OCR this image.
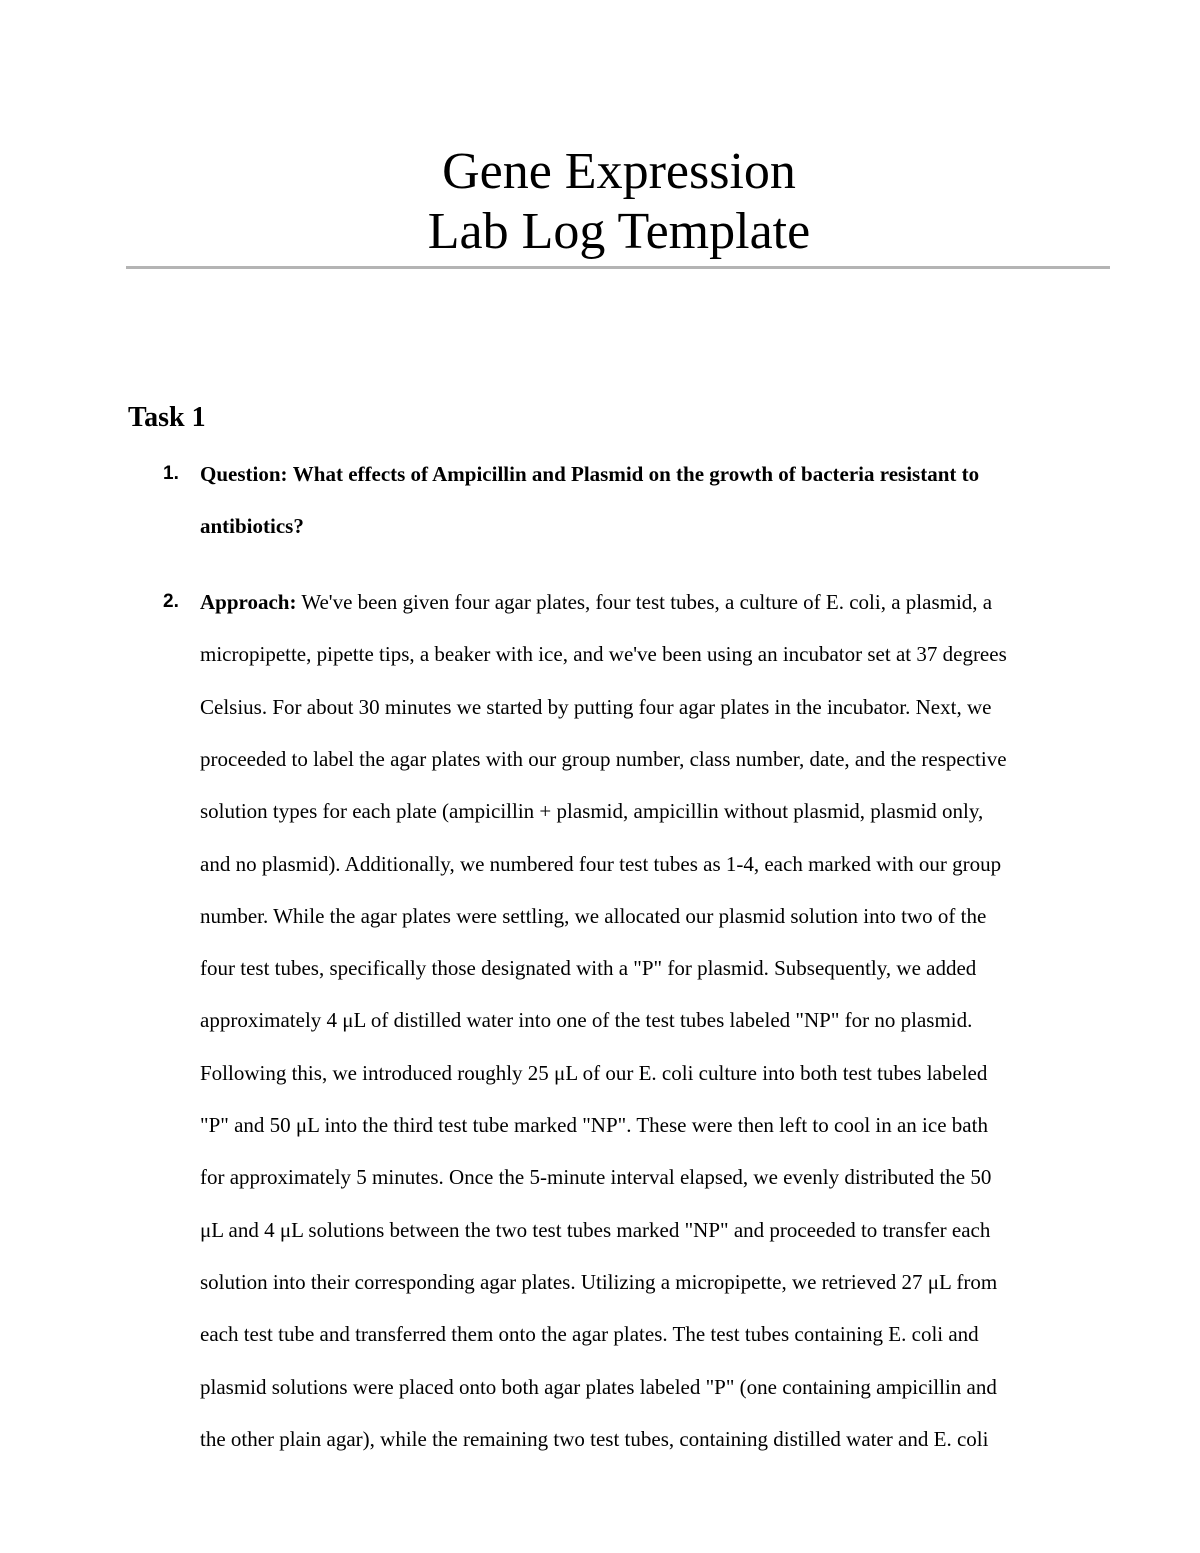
Gene Expression
Lab Log Template
Task 1
1.	Question: What effects of Ampicillin and Plasmid on the growth of bacteria resistant to
antibiotics?
2.	Approach: We've been given four agar plates, four test tubes, a culture of E. coli, a plasmid, a
micropipette, pipette tips, a beaker with ice, and we've been using an incubator set at 37 degrees
Celsius. For about 30 minutes we started by putting four agar plates in the incubator. Next, we
proceeded to label the agar plates with our group number, class number, date, and the respective
solution types for each plate (ampicillin + plasmid, ampicillin without plasmid, plasmid only,
and no plasmid). Additionally, we numbered four test tubes as 1-4, each marked with our group
number. While the agar plates were settling, we allocated our plasmid solution into two of the
four test tubes, specifically those designated with a "P" for plasmid. Subsequently, we added
approximately 4 μL of distilled water into one of the test tubes labeled "NP" for no plasmid.
Following this, we introduced roughly 25 μL of our E. coli culture into both test tubes labeled
"P" and 50 μL into the third test tube marked "NP". These were then left to cool in an ice bath
for approximately 5 minutes. Once the 5-minute interval elapsed, we evenly distributed the 50
μL and 4 μL solutions between the two test tubes marked "NP" and proceeded to transfer each
solution into their corresponding agar plates. Utilizing a micropipette, we retrieved 27 μL from
each test tube and transferred them onto the agar plates. The test tubes containing E. coli and
plasmid solutions were placed onto both agar plates labeled "P" (one containing ampicillin and
the other plain agar), while the remaining two test tubes, containing distilled water and E. coli
